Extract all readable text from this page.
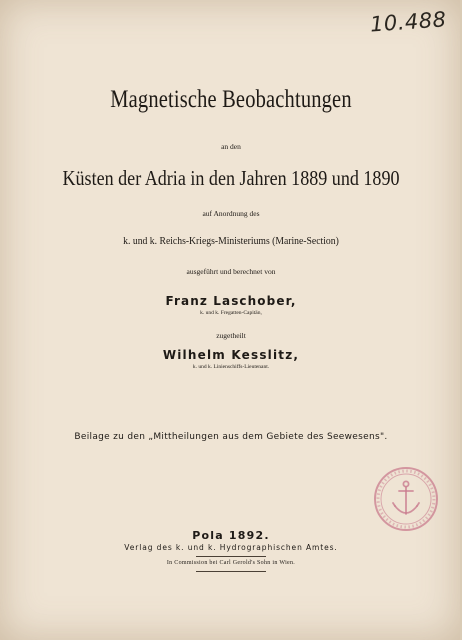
10.488
Magnetische Beobachtungen
an den
Küsten der Adria in den Jahren 1889 und 1890
auf Anordnung des
k. und k. Reichs-Kriegs-Ministeriums (Marine-Section)
ausgeführt und berechnet von
Franz Laschober,
k. und k. Fregatten-Capitän,
zugetheilt
Wilhelm Kesslitz,
k. und k. Linienschiffs-Lieutenant.
Beilage zu den „Mittheilungen aus dem Gebiete des Seewesens".
Pola 1892.
Verlag des k. und k. Hydrographischen Amtes.
In Commission bei Carl Gerold's Sohn in Wien.
